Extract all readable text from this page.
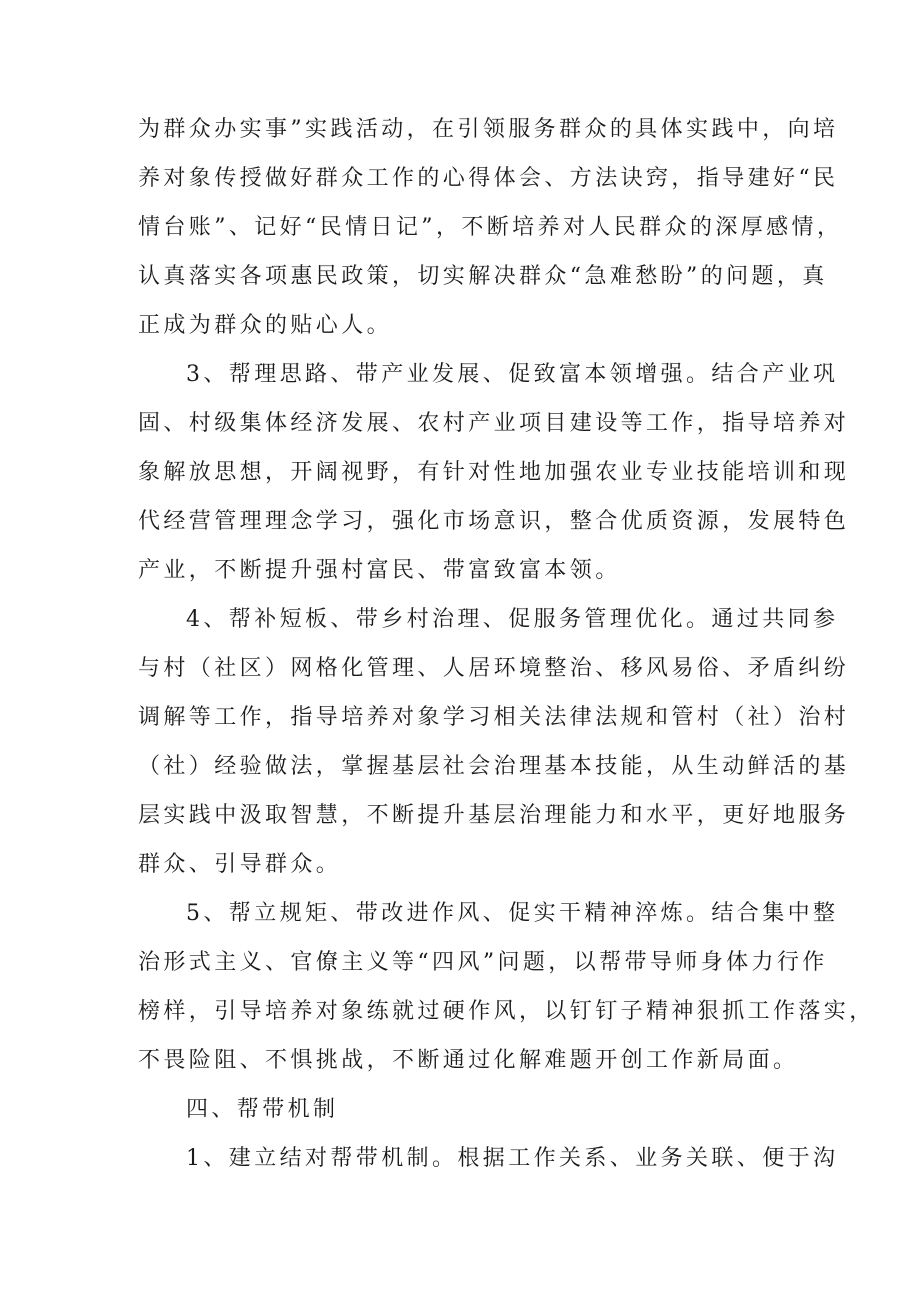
为群众办实事”实践活动，在引领服务群众的具体实践中，向培
养对象传授做好群众工作的心得体会、方法诀窍，指导建好“民
情台账”、记好“民情日记”，不断培养对人民群众的深厚感情，
认真落实各项惠民政策，切实解决群众“急难愁盼”的问题，真
正成为群众的贴心人。
3、帮理思路、带产业发展、促致富本领增强。结合产业巩
固、村级集体经济发展、农村产业项目建设等工作，指导培养对
象解放思想，开阔视野，有针对性地加强农业专业技能培训和现
代经营管理理念学习，强化市场意识，整合优质资源，发展特色
产业，不断提升强村富民、带富致富本领。
4、帮补短板、带乡村治理、促服务管理优化。通过共同参
与村（社区）网格化管理、人居环境整治、移风易俗、矛盾纠纷
调解等工作，指导培养对象学习相关法律法规和管村（社）治村
（社）经验做法，掌握基层社会治理基本技能，从生动鲜活的基
层实践中汲取智慧，不断提升基层治理能力和水平，更好地服务
群众、引导群众。
5、帮立规矩、带改进作风、促实干精神淬炼。结合集中整
治形式主义、官僚主义等“四风”问题，以帮带导师身体力行作
榜样，引导培养对象练就过硬作风，以钉钉子精神狠抓工作落实，
不畏险阻、不惧挑战，不断通过化解难题开创工作新局面。
四、帮带机制
1、建立结对帮带机制。根据工作关系、业务关联、便于沟
